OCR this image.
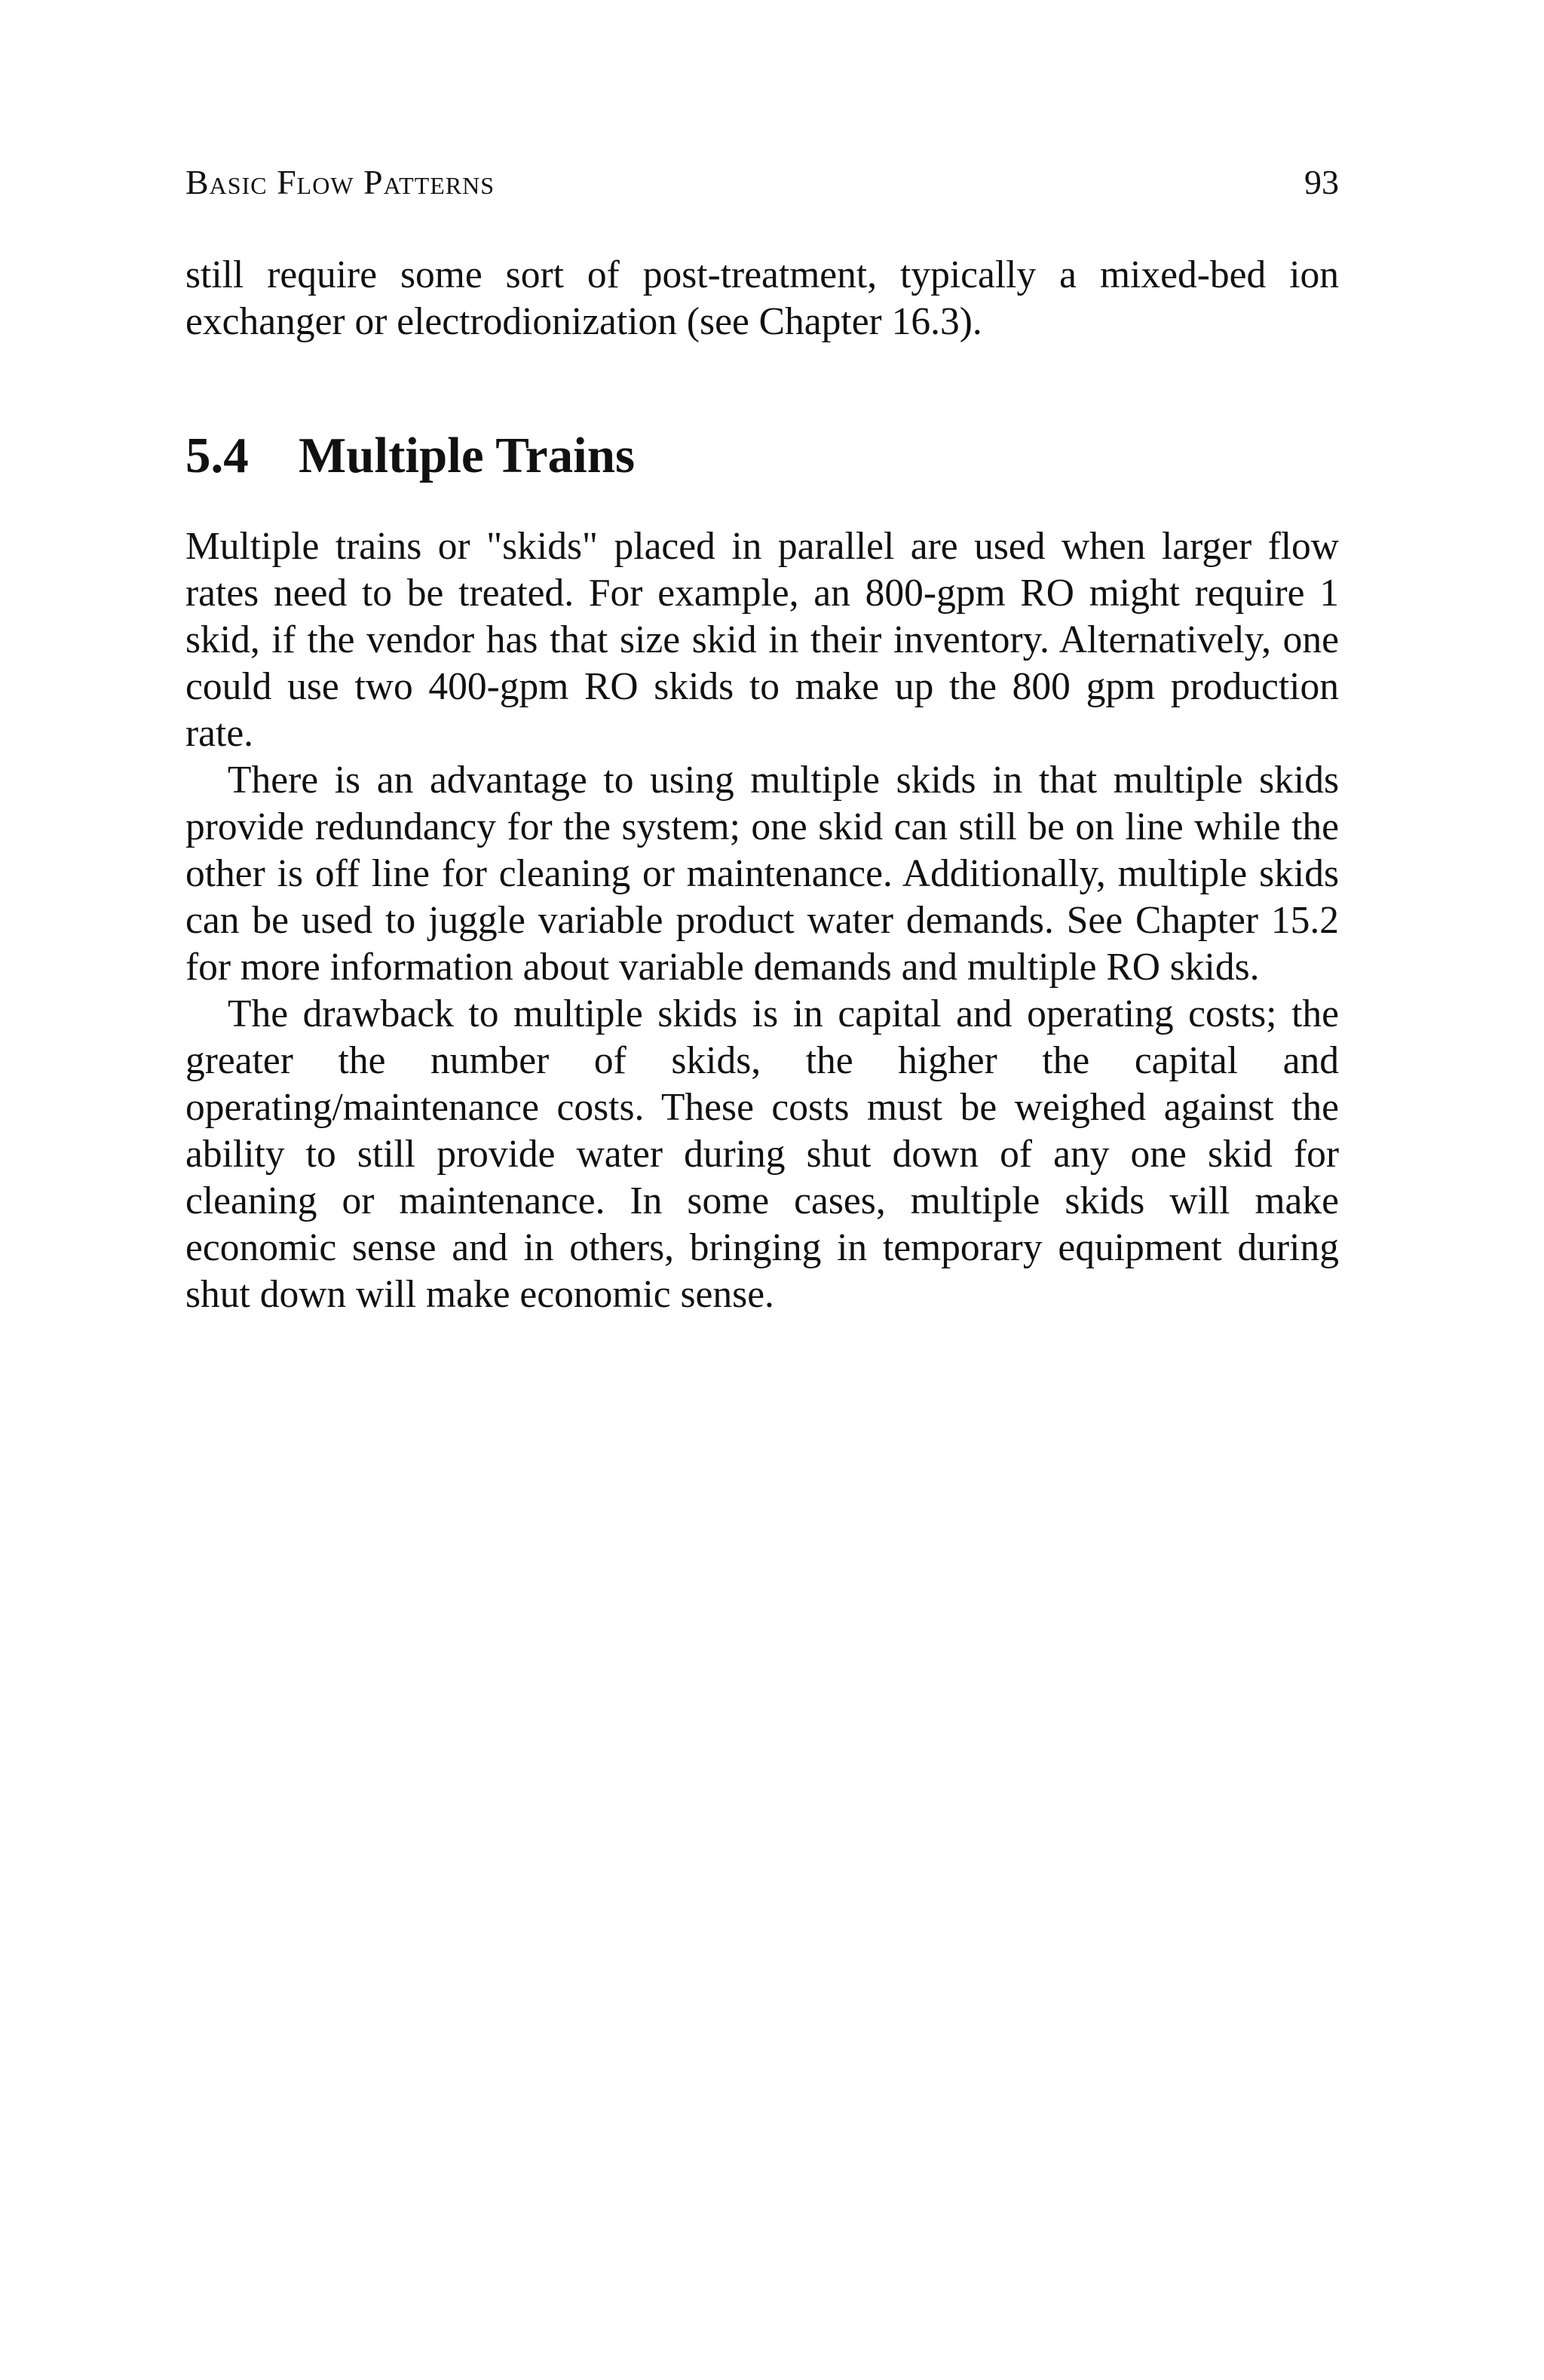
Basic Flow Patterns	93

still require some sort of post-treatment, typically a mixed-bed ion exchanger or electrodionization (see Chapter 16.3).

5.4 Multiple Trains

Multiple trains or "skids" placed in parallel are used when larger flow rates need to be treated. For example, an 800-gpm RO might require 1 skid, if the vendor has that size skid in their inventory. Alternatively, one could use two 400-gpm RO skids to make up the 800 gpm production rate.

There is an advantage to using multiple skids in that multiple skids provide redundancy for the system; one skid can still be on line while the other is off line for cleaning or maintenance. Additionally, multiple skids can be used to juggle variable product water demands. See Chapter 15.2 for more information about variable demands and multiple RO skids.

The drawback to multiple skids is in capital and operating costs; the greater the number of skids, the higher the capital and operating/maintenance costs. These costs must be weighed against the ability to still provide water during shut down of any one skid for cleaning or maintenance. In some cases, multiple skids will make economic sense and in others, bringing in temporary equipment during shut down will make economic sense.
